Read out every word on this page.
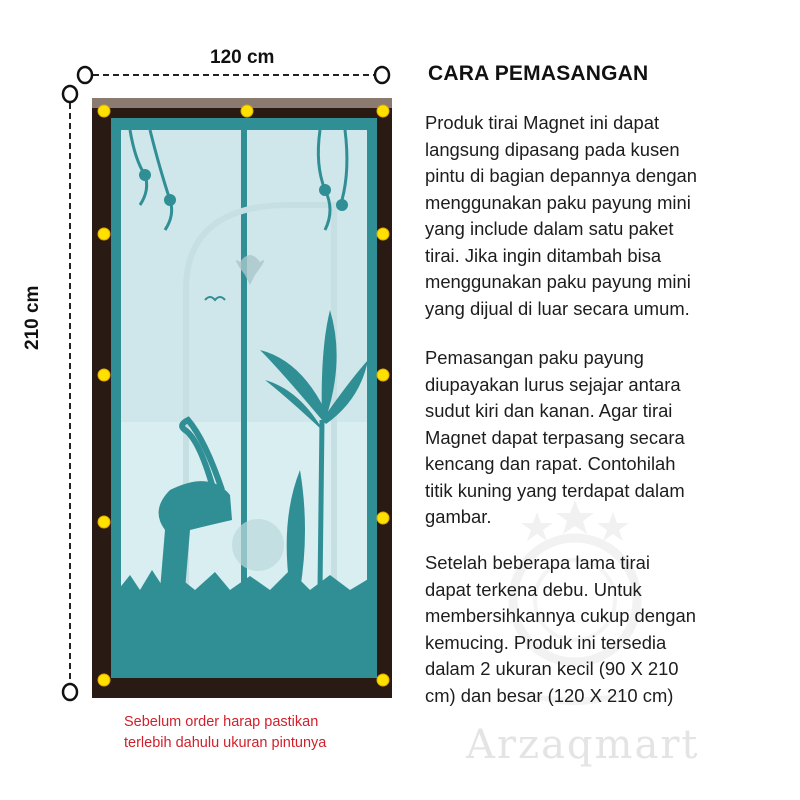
120 cm
210 cm
CARA PEMASANGAN
Produk tirai Magnet ini dapat
langsung dipasang pada kusen
pintu di bagian depannya dengan
menggunakan paku payung mini
yang include dalam satu paket
tirai. Jika ingin ditambah bisa
menggunakan paku payung mini
yang dijual di luar secara umum.
Pemasangan paku payung
diupayakan lurus sejajar antara
sudut kiri dan kanan. Agar tirai
Magnet dapat terpasang secara
kencang dan rapat. Contohilah
titik kuning yang terdapat dalam
gambar.
Setelah beberapa lama tirai
dapat terkena debu. Untuk
membersihkannya cukup dengan
kemucing. Produk ini tersedia
dalam 2 ukuran kecil (90 X 210
cm) dan besar (120 X 210 cm)
Arzaqmart
Sebelum order harap pastikan
terlebih dahulu ukuran pintunya
